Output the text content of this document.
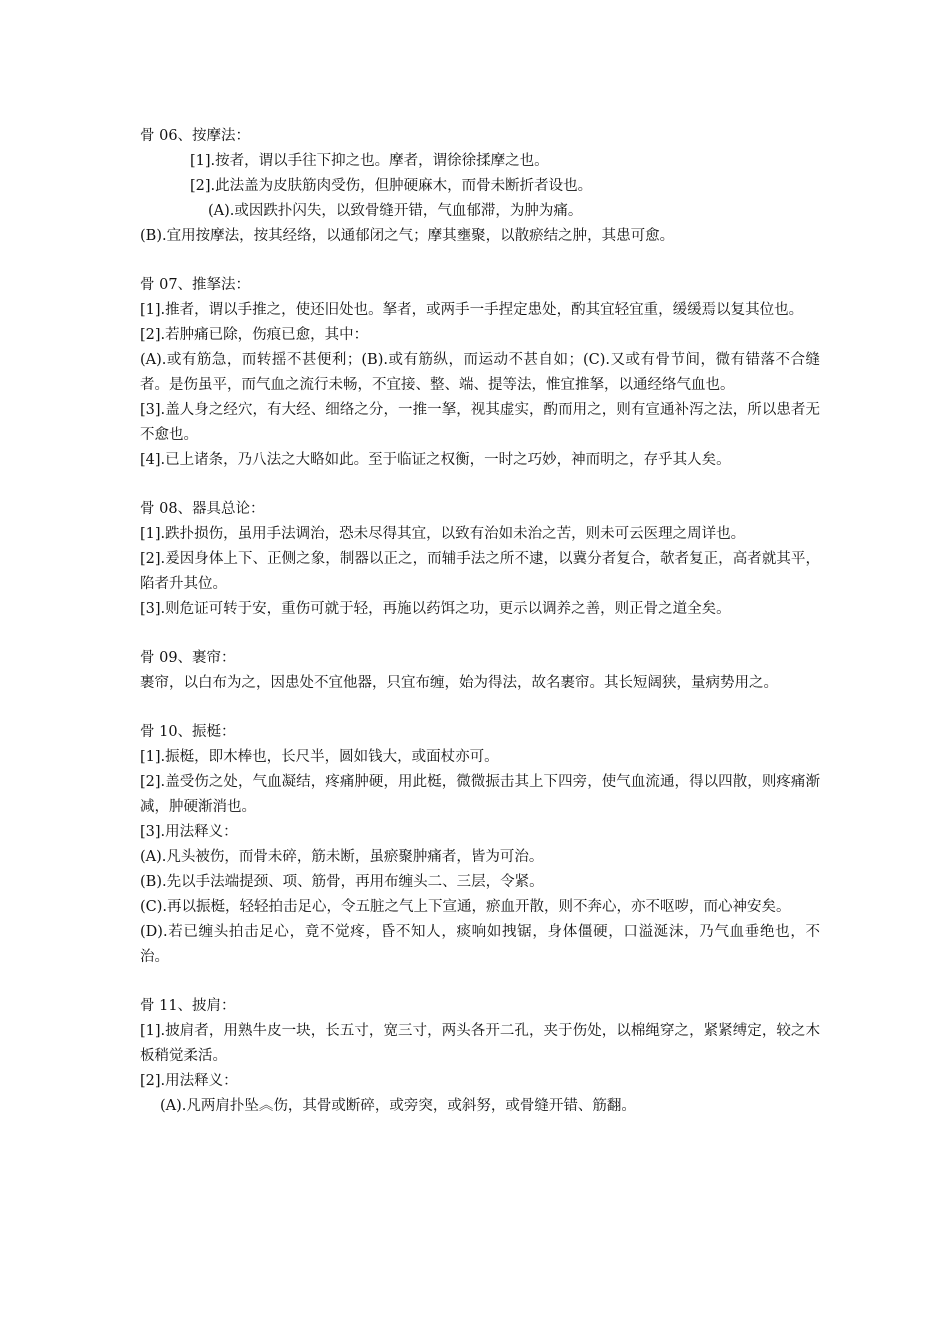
骨 06、按摩法：

[1].按者，谓以手往下抑之也。摩者，谓徐徐揉摩之也。

[2].此法盖为皮肤筋肉受伤，但肿硬麻木，而骨未断折者设也。

(A).或因跌扑闪失，以致骨缝开错，气血郁滞，为肿为痛。

(B).宜用按摩法，按其经络，以通郁闭之气；摩其壅聚，以散瘀结之肿，其患可愈。

骨 07、推拏法：

[1].推者，谓以手推之，使还旧处也。拏者，或两手一手捏定患处，酌其宜轻宜重，缓缓焉以复其位也。

[2].若肿痛已除，伤痕已愈，其中：

(A).或有筋急，而转摇不甚便利；(B).或有筋纵，而运动不甚自如；(C).又或有骨节间，微有错落不合缝者。是伤虽平，而气血之流行未畅，不宜接、整、端、提等法，惟宜推拏，以通经络气血也。

[3].盖人身之经穴，有大经、细络之分，一推一拏，视其虚实，酌而用之，则有宣通补泻之法，所以患者无不愈也。

[4].已上诸条，乃八法之大略如此。至于临证之权衡，一时之巧妙，神而明之，存乎其人矣。

骨 08、器具总论：

[1].跌扑损伤，虽用手法调治，恐未尽得其宜，以致有治如未治之苦，则未可云医理之周详也。

[2].爰因身体上下、正侧之象，制器以正之，而辅手法之所不逮，以冀分者复合，欹者复正，高者就其平，陷者升其位。

[3].则危证可转于安，重伤可就于轻，再施以药饵之功，更示以调养之善，则正骨之道全矣。

骨 09、裹帘：

裹帘，以白布为之，因患处不宜他器，只宜布缠，始为得法，故名裹帘。其长短阔狭，量病势用之。

骨 10、振梃：

[1].振梃，即木棒也，长尺半，圆如钱大，或面杖亦可。

[2].盖受伤之处，气血凝结，疼痛肿硬，用此梃，微微振击其上下四旁，使气血流通，得以四散，则疼痛渐减，肿硬渐消也。

[3].用法释义：

(A).凡头被伤，而骨未碎，筋未断，虽瘀聚肿痛者，皆为可治。

(B).先以手法端提颈、项、筋骨，再用布缠头二、三层，令紧。

(C).再以振梃，轻轻拍击足心，令五脏之气上下宣通，瘀血开散，则不奔心，亦不呕哕，而心神安矣。

(D).若已缠头拍击足心，竟不觉疼，昏不知人，痰响如拽锯，身体僵硬，口溢涎沫，乃气血垂绝也，不治。

骨 11、披肩：

[1].披肩者，用熟牛皮一块，长五寸，宽三寸，两头各开二孔，夹于伤处，以棉绳穿之，紧紧缚定，较之木板稍觉柔活。

[2].用法释义：

(A).凡两肩扑坠︽伤，其骨或断碎，或旁突，或斜努，或骨缝开错、筋翻。
